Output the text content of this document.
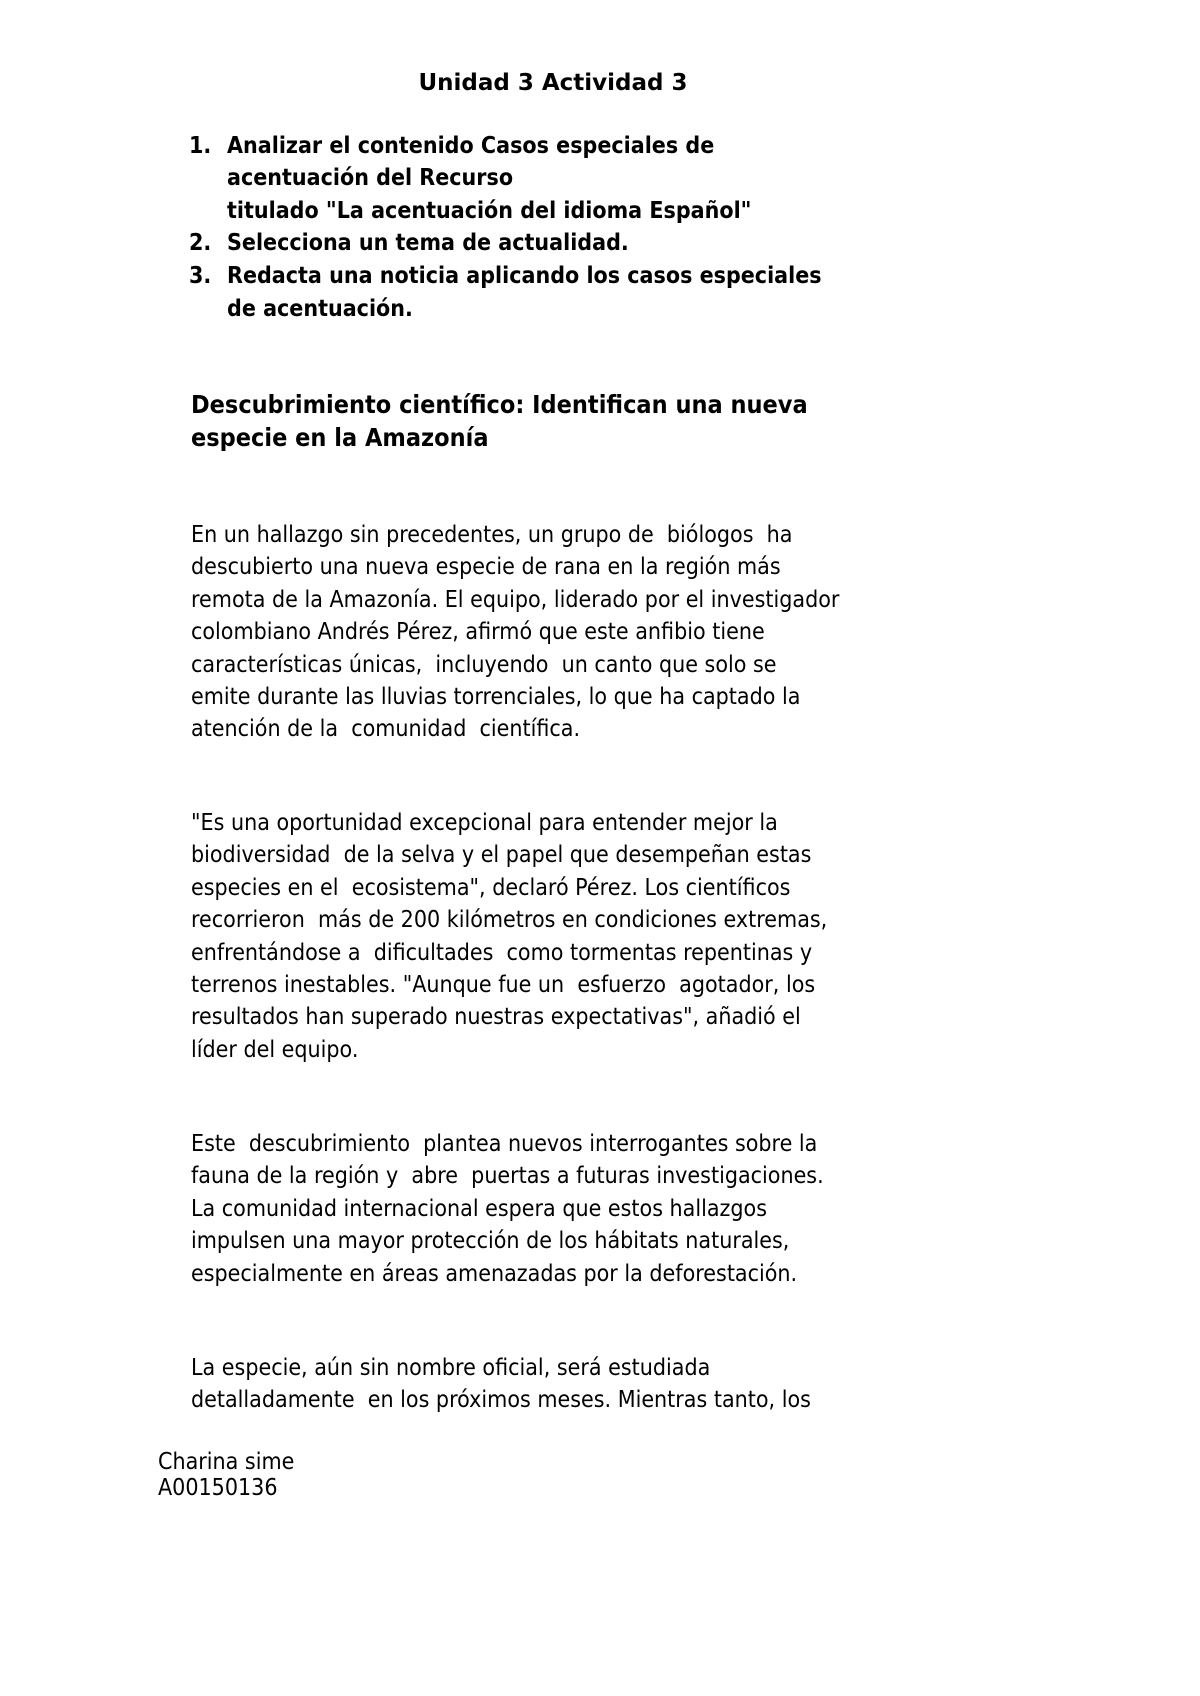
Unidad 3 Actividad 3
1. Analizar el contenido Casos especiales de
acentuación del Recurso
titulado "La acentuación del idioma Español"
2. Selecciona un tema de actualidad.
3. Redacta una noticia aplicando los casos especiales
de acentuación.
Descubrimiento científico: Identifican una nueva
especie en la Amazonía
En un hallazgo sin precedentes, un grupo de  biólogos  ha
descubierto una nueva especie de rana en la región más
remota de la Amazonía. El equipo, liderado por el investigador
colombiano Andrés Pérez, afirmó que este anfibio tiene
características únicas,  incluyendo  un canto que solo se
emite durante las lluvias torrenciales, lo que ha captado la
atención de la  comunidad  científica.
"Es una oportunidad excepcional para entender mejor la
biodiversidad  de la selva y el papel que desempeñan estas
especies en el  ecosistema", declaró Pérez. Los científicos
recorrieron  más de 200 kilómetros en condiciones extremas,
enfrentándose a  dificultades  como tormentas repentinas y
terrenos inestables. "Aunque fue un  esfuerzo  agotador, los
resultados han superado nuestras expectativas", añadió el
líder del equipo.
Este  descubrimiento  plantea nuevos interrogantes sobre la
fauna de la región y  abre  puertas a futuras investigaciones.
La comunidad internacional espera que estos hallazgos
impulsen una mayor protección de los hábitats naturales,
especialmente en áreas amenazadas por la deforestación.
La especie, aún sin nombre oficial, será estudiada
detalladamente  en los próximos meses. Mientras tanto, los
Charina sime
A00150136
